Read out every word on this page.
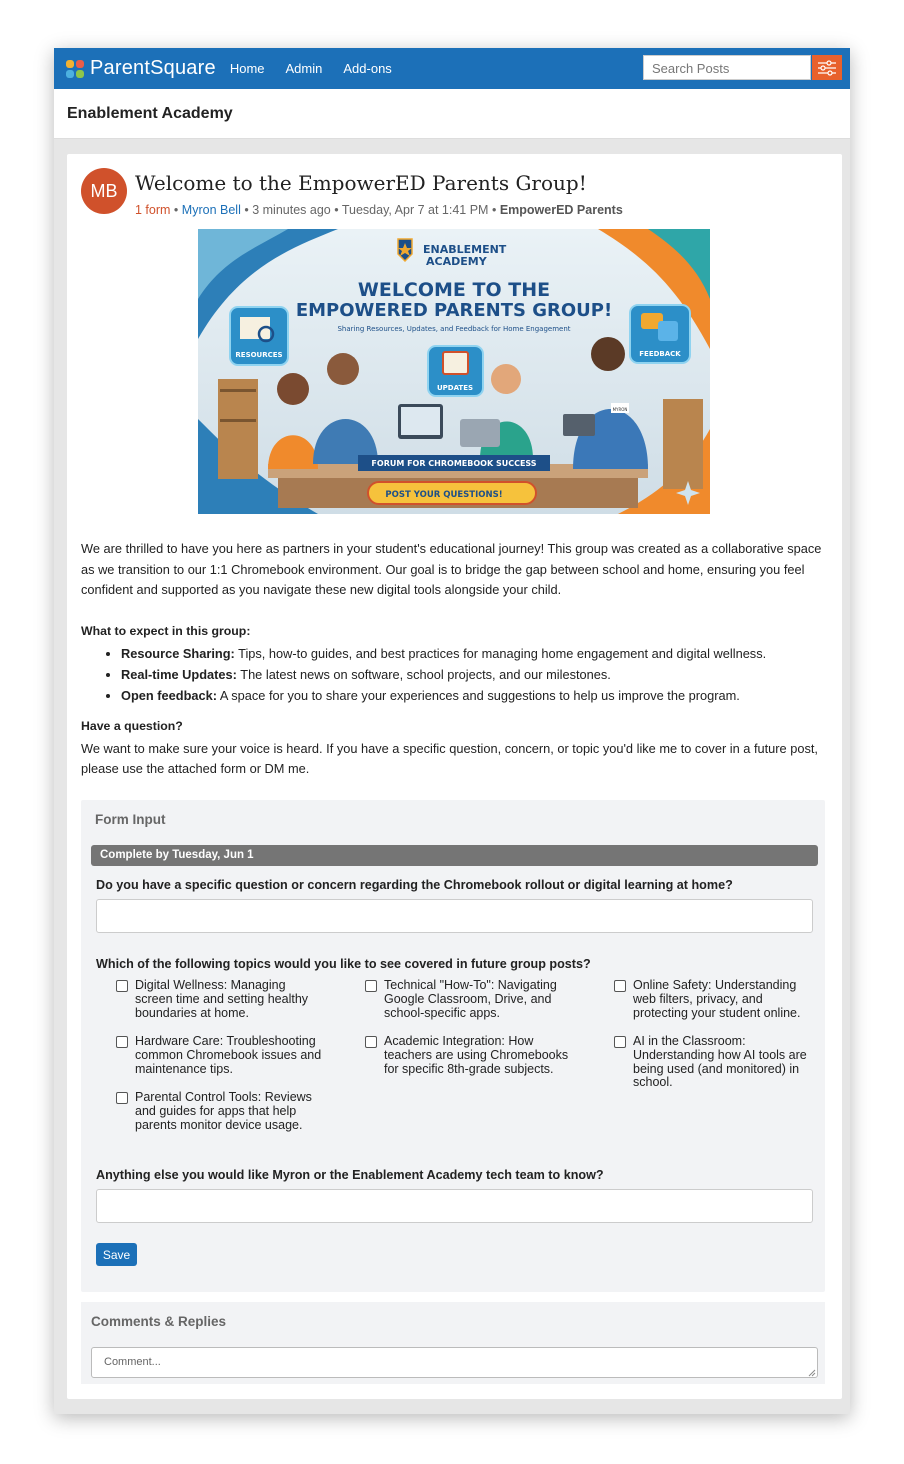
ParentSquare Home Admin Add-ons	Search Posts
Enablement Academy
MB Welcome to the EmpowerED Parents Group!
1 form • Myron Bell • 3 minutes ago • Tuesday, Apr 7 at 1:41 PM • EmpowerED Parents
MYRON
ENABLEMENT
ACADEMY
WELCOME TO THE
EMPOWERED PARENTS GROUP!
Sharing Resources, Updates, and Feedback for Home Engagement
RESOURCES
UPDATES
FEEDBACK
FORUM FOR CHROMEBOOK SUCCESS
POST YOUR QUESTIONS!

We are thrilled to have you here as partners in your student's educational journey! This group was created as a collaborative space as we transition to our 1:1 Chromebook environment. Our goal is to bridge the gap between school and home, ensuring you feel confident and supported as you navigate these new digital tools alongside your child.

What to expect in this group:
• Resource Sharing: Tips, how-to guides, and best practices for managing home engagement and digital wellness.
• Real-time Updates: The latest news on software, school projects, and our milestones.
• Open feedback: A space for you to share your experiences and suggestions to help us improve the program.
Have a question?

We want to make sure your voice is heard. If you have a specific question, concern, or topic you'd like me to cover in a future post, please use the attached form or DM me.

Form Input
Complete by Tuesday, Jun 1
Do you have a specific question or concern regarding the Chromebook rollout or digital learning at home?
Which of the following topics would you like to see covered in future group posts?
Digital Wellness: Managing screen time and setting healthy boundaries at home.
Hardware Care: Troubleshooting common Chromebook issues and maintenance tips.
Parental Control Tools: Reviews and guides for apps that help parents monitor device usage.
Technical "How-To": Navigating Google Classroom, Drive, and school-specific apps.
Academic Integration: How teachers are using Chromebooks for specific 8th-grade subjects.
Online Safety: Understanding web filters, privacy, and protecting your student online.
AI in the Classroom: Understanding how AI tools are being used (and monitored) in school.
Anything else you would like Myron or the Enablement Academy tech team to know?
Save
Comments & Replies
Comment...
